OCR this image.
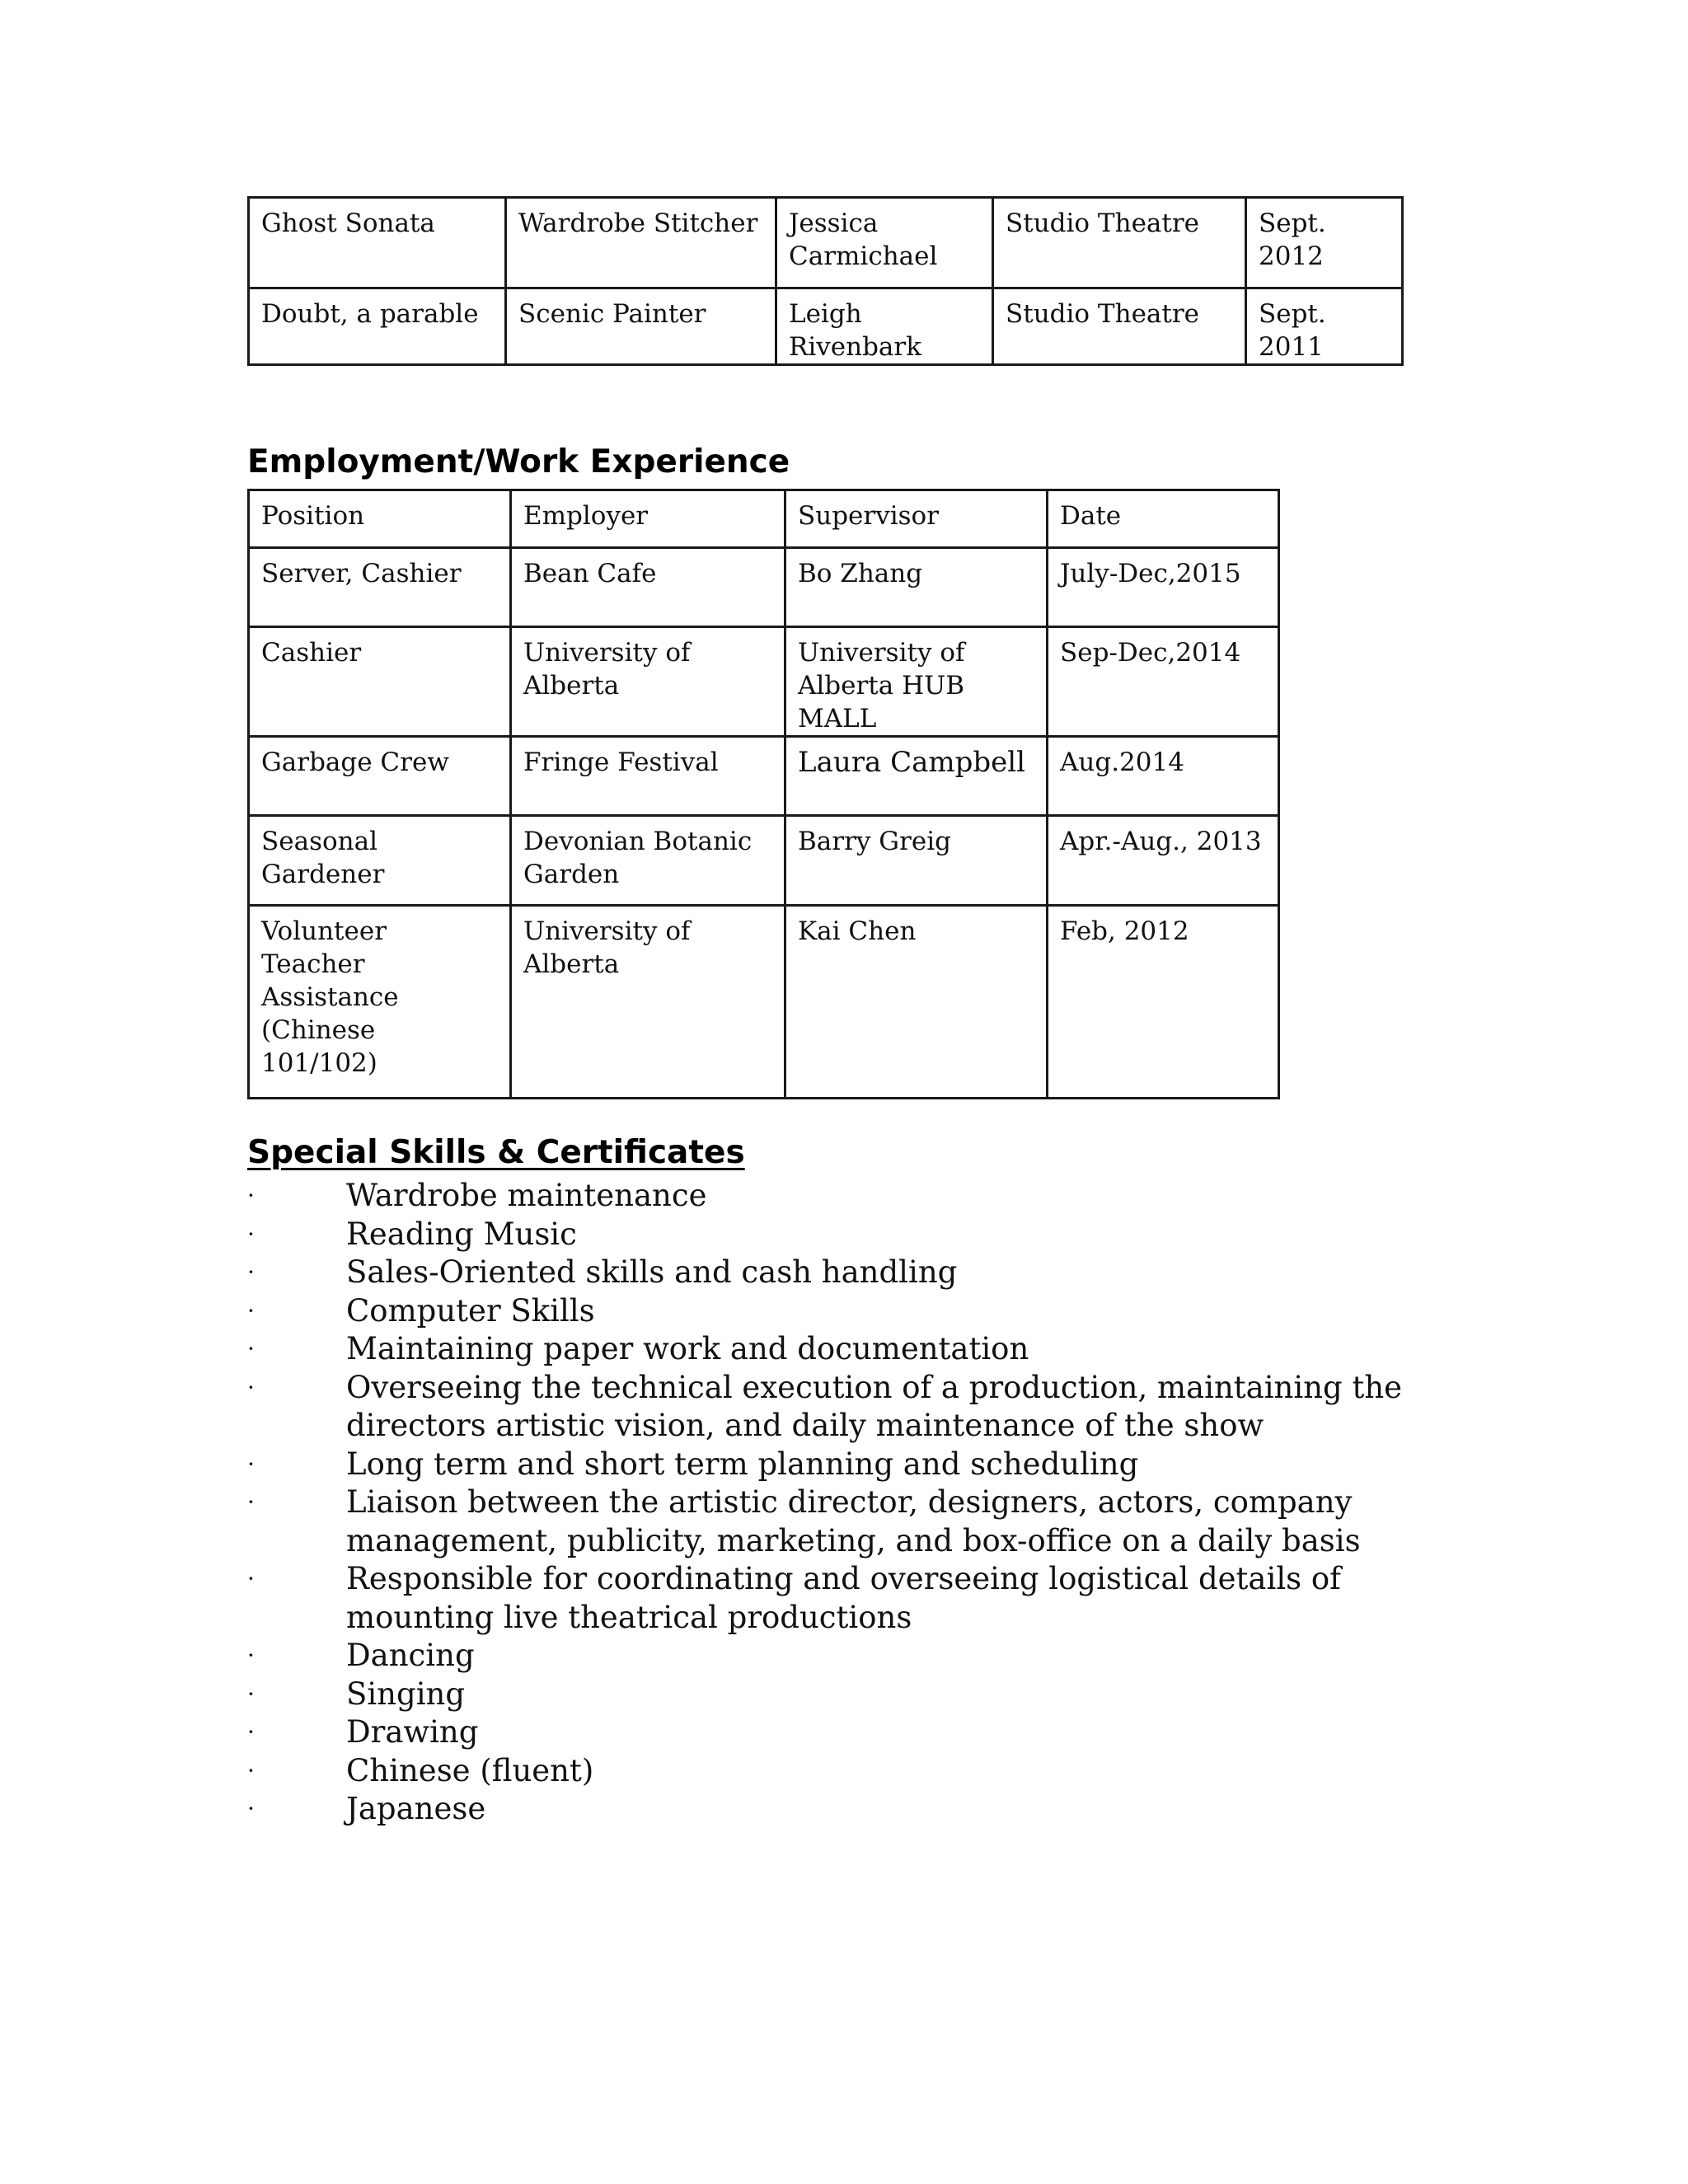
Ghost Sonata	Wardrobe Stitcher	Jessica Carmichael	Studio Theatre	Sept. 2012
Doubt, a parable	Scenic Painter	Leigh Rivenbark	Studio Theatre	Sept. 2011
Employment/Work Experience
Position	Employer	Supervisor	Date
Server, Cashier	Bean Cafe	Bo Zhang	July-Dec,2015
Cashier	University of Alberta	University of Alberta HUB MALL	Sep-Dec,2014
Garbage Crew	Fringe Festival	Laura Campbell	Aug.2014
Seasonal Gardener	Devonian Botanic Garden	Barry Greig	Apr.-Aug., 2013
Volunteer Teacher Assistance (Chinese 101/102)	University of Alberta	Kai Chen	Feb, 2012
Special Skills & Certificates
·	Wardrobe maintenance
·	Reading Music
·	Sales-Oriented skills and cash handling
·	Computer Skills
·	Maintaining paper work and documentation
·	Overseeing the technical execution of a production, maintaining the directors artistic vision, and daily maintenance of the show
·	Long term and short term planning and scheduling
·	Liaison between the artistic director, designers, actors, company management, publicity, marketing, and box-office on a daily basis
·	Responsible for coordinating and overseeing logistical details of mounting live theatrical productions
·	Dancing
·	Singing
·	Drawing
·	Chinese (fluent)
·	Japanese
